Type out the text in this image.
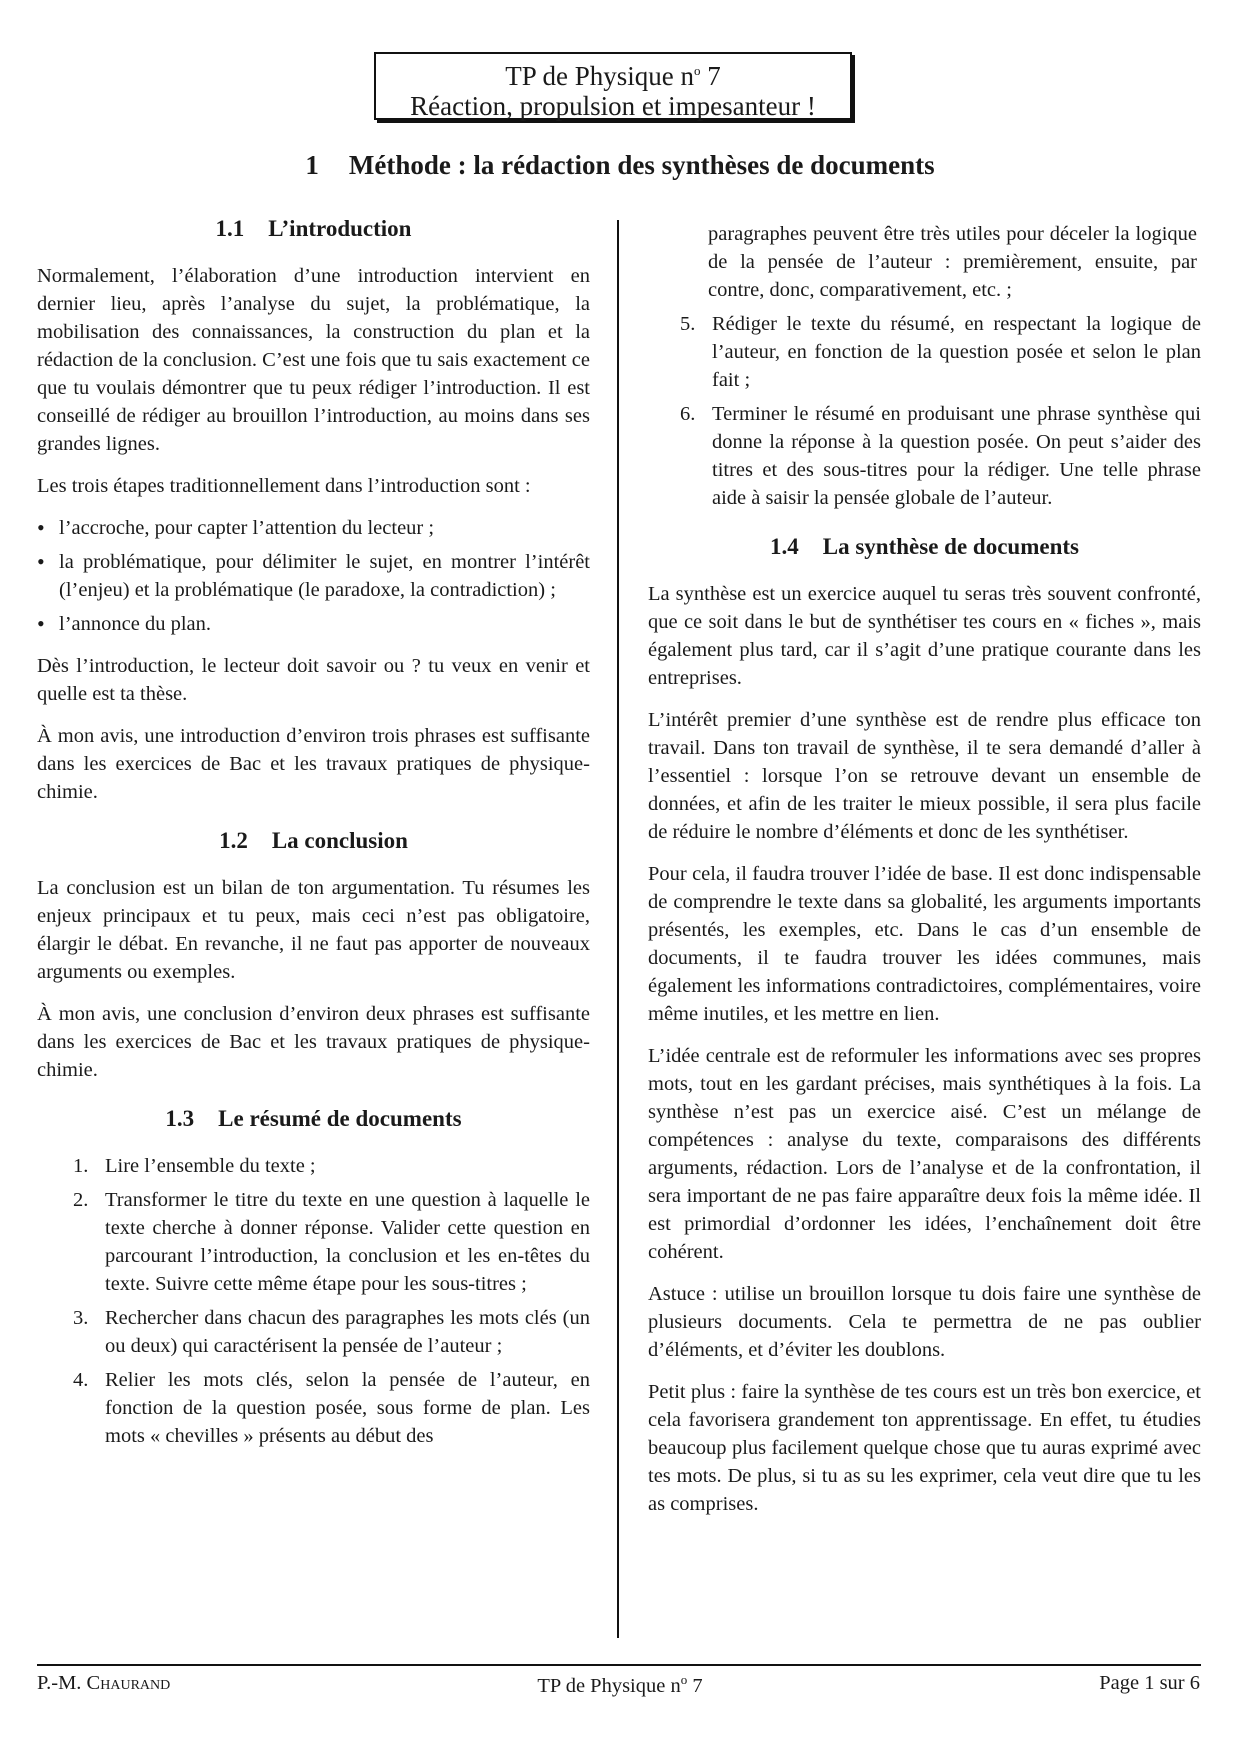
TP de Physique $n^o$ 7
Réaction, propulsion et impesanteur !
1 Méthode : la rédaction des synthèses de documents
1.1 L’introduction

Normalement, l’élaboration d’une introduction intervient en dernier lieu, après l’analyse du sujet, la problématique, la mobilisation des connaissances, la construction du plan et la rédaction de la conclusion. C’est une fois que tu sais exactement ce que tu voulais démontrer que tu peux rédiger l’introduction. Il est conseillé de rédiger au brouillon l’introduction, au moins dans ses grandes lignes.

Les trois étapes traditionnellement dans l’introduction sont :

• l’accroche, pour capter l’attention du lecteur ;
• la problématique, pour délimiter le sujet, en montrer l’intérêt (l’enjeu) et la problématique (le paradoxe, la contradiction) ;
• l’annonce du plan.

Dès l’introduction, le lecteur doit savoir ou ? tu veux en venir et quelle est ta thèse.

À mon avis, une introduction d’environ trois phrases est suffisante dans les exercices de Bac et les travaux pratiques de physique-chimie.

1.2 La conclusion

La conclusion est un bilan de ton argumentation. Tu résumes les enjeux principaux et tu peux, mais ceci n’est pas obligatoire, élargir le débat. En revanche, il ne faut pas apporter de nouveaux arguments ou exemples.

À mon avis, une conclusion d’environ deux phrases est suffisante dans les exercices de Bac et les travaux pratiques de physique-chimie.

1.3 Le résumé de documents
1. Lire l’ensemble du texte ;
2. Transformer le titre du texte en une question à laquelle le texte cherche à donner réponse. Valider cette question en parcourant l’introduction, la conclusion et les en-têtes du texte. Suivre cette même étape pour les sous-titres ;
3. Rechercher dans chacun des paragraphes les mots clés (un ou deux) qui caractérisent la pensée de l’auteur ;
4. Relier les mots clés, selon la pensée de l’auteur, en fonction de la question posée, sous forme de plan. Les mots « chevilles » présents au début des
paragraphes peuvent être très utiles pour déceler la logique de la pensée de l’auteur : premièrement, ensuite, par contre, donc, comparativement, etc. ;
5. Rédiger le texte du résumé, en respectant la logique de l’auteur, en fonction de la question posée et selon le plan fait ;
6. Terminer le résumé en produisant une phrase synthèse qui donne la réponse à la question posée. On peut s’aider des titres et des sous-titres pour la rédiger. Une telle phrase aide à saisir la pensée globale de l’auteur.
1.4 La synthèse de documents

La synthèse est un exercice auquel tu seras très souvent confronté, que ce soit dans le but de synthétiser tes cours en « fiches », mais également plus tard, car il s’agit d’une pratique courante dans les entreprises.

L’intérêt premier d’une synthèse est de rendre plus efficace ton travail. Dans ton travail de synthèse, il te sera demandé d’aller à l’essentiel : lorsque l’on se retrouve devant un ensemble de données, et afin de les traiter le mieux possible, il sera plus facile de réduire le nombre d’éléments et donc de les synthétiser.

Pour cela, il faudra trouver l’idée de base. Il est donc indispensable de comprendre le texte dans sa globalité, les arguments importants présentés, les exemples, etc. Dans le cas d’un ensemble de documents, il te faudra trouver les idées communes, mais également les informations contradictoires, complémentaires, voire même inutiles, et les mettre en lien.

L’idée centrale est de reformuler les informations avec ses propres mots, tout en les gardant précises, mais synthétiques à la fois. La synthèse n’est pas un exercice aisé. C’est un mélange de compétences : analyse du texte, comparaisons des différents arguments, rédaction. Lors de l’analyse et de la confrontation, il sera important de ne pas faire apparaître deux fois la même idée. Il est primordial d’ordonner les idées, l’enchaînement doit être cohérent.

Astuce : utilise un brouillon lorsque tu dois faire une synthèse de plusieurs documents. Cela te permettra de ne pas oublier d’éléments, et d’éviter les doublons.

Petit plus : faire la synthèse de tes cours est un très bon exercice, et cela favorisera grandement ton apprentissage. En effet, tu étudies beaucoup plus facilement quelque chose que tu auras exprimé avec tes mots. De plus, si tu as su les exprimer, cela veut dire que tu les as comprises.

P.-M. Chaurand	TP de Physique $n^o$ 7	Page 1 sur 6
